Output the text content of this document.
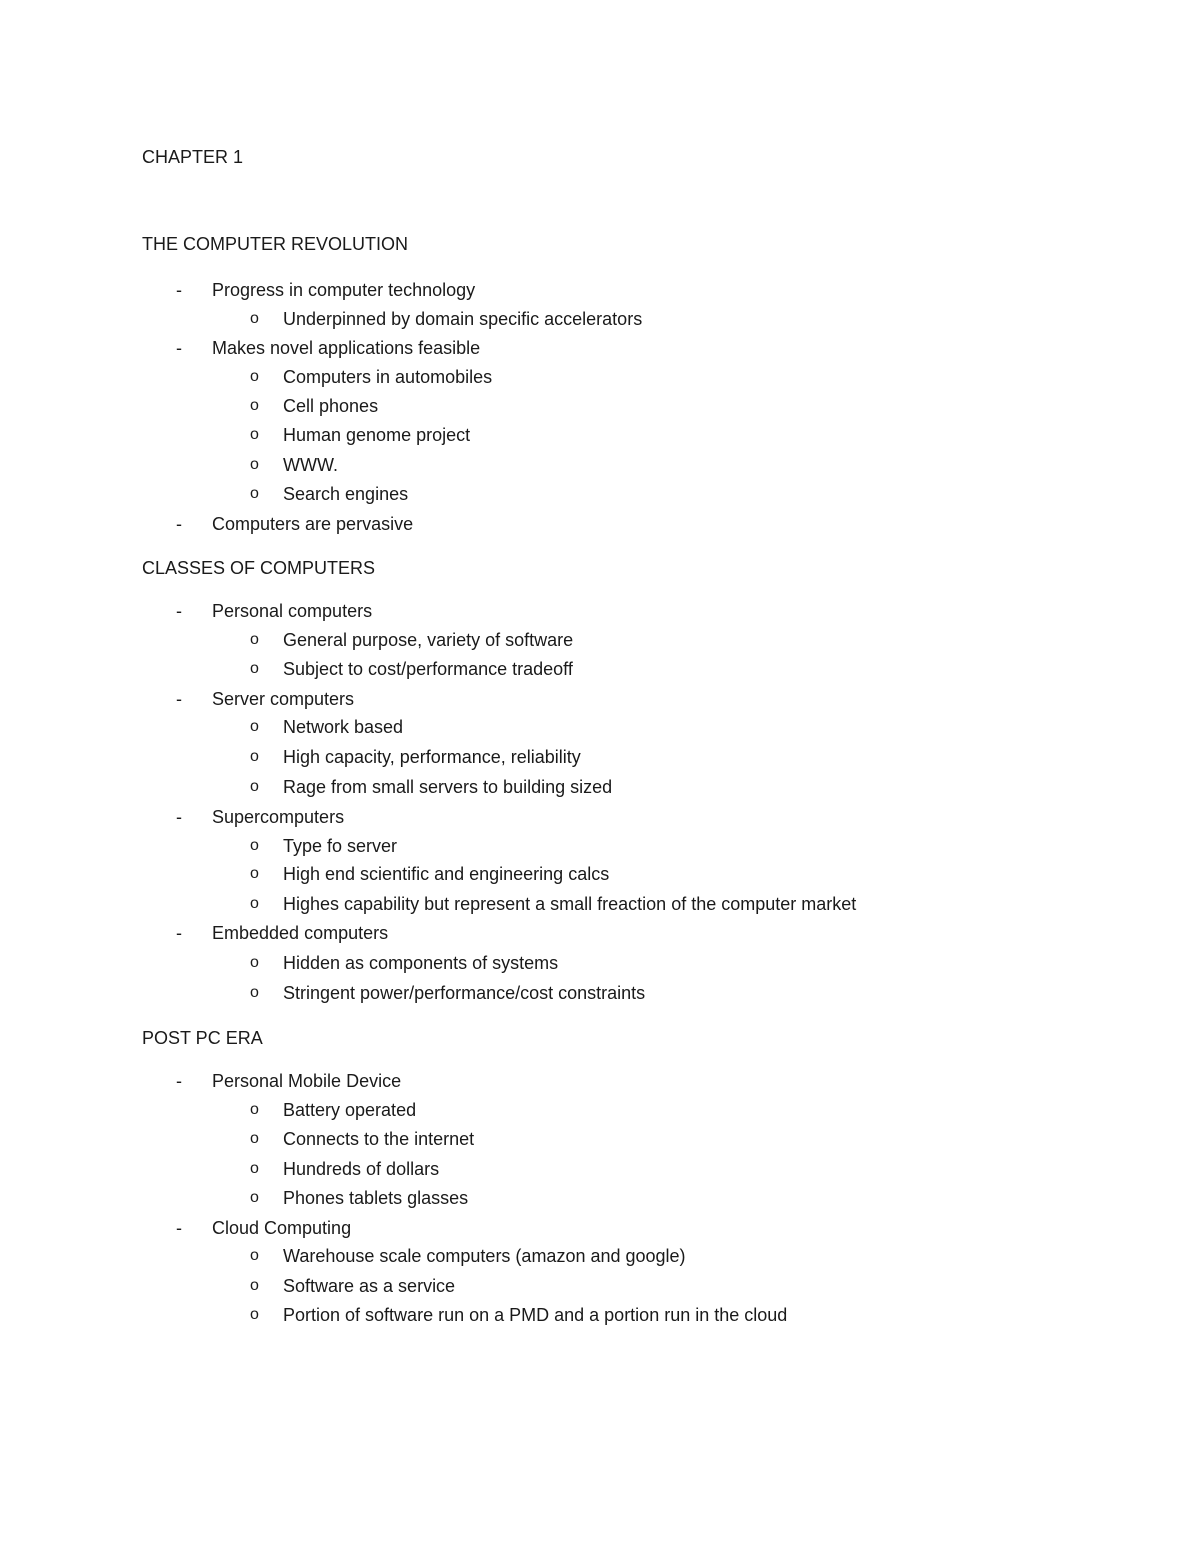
CHAPTER 1
THE COMPUTER REVOLUTION
- Progress in computer technology
o Underpinned by domain specific accelerators
- Makes novel applications feasible
o Computers in automobiles
o Cell phones
o Human genome project
o WWW.
o Search engines
- Computers are pervasive
CLASSES OF COMPUTERS
- Personal computers
o General purpose, variety of software
o Subject to cost/performance tradeoff
- Server computers
o Network based
o High capacity, performance, reliability
o Rage from small servers to building sized
- Supercomputers
o Type fo server
o High end scientific and engineering calcs
o Highes capability but represent a small freaction of the computer market
- Embedded computers
o Hidden as components of systems
o Stringent power/performance/cost constraints
POST PC ERA
- Personal Mobile Device
o Battery operated
o Connects to the internet
o Hundreds of dollars
o Phones tablets glasses
- Cloud Computing
o Warehouse scale computers (amazon and google)
o Software as a service
o Portion of software run on a PMD and a portion run in the cloud
